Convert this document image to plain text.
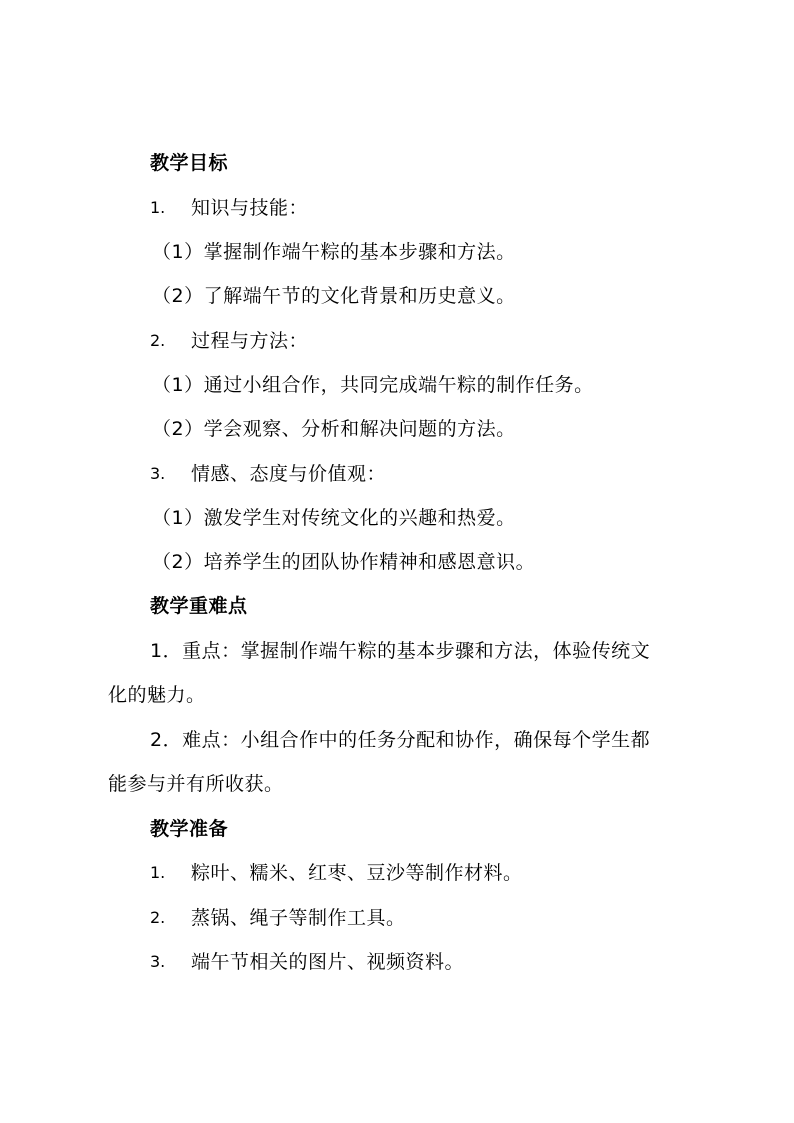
教学目标
1. 知识与技能：
（1）掌握制作端午粽的基本步骤和方法。
（2）了解端午节的文化背景和历史意义。
2. 过程与方法：
（1）通过小组合作，共同完成端午粽的制作任务。
（2）学会观察、分析和解决问题的方法。
3. 情感、态度与价值观：
（1）激发学生对传统文化的兴趣和热爱。
（2）培养学生的团队协作精神和感恩意识。
教学重难点
1．重点：掌握制作端午粽的基本步骤和方法，体验传统文
化的魅力。
2．难点：小组合作中的任务分配和协作，确保每个学生都
能参与并有所收获。
教学准备
1. 粽叶、糯米、红枣、豆沙等制作材料。
2. 蒸锅、绳子等制作工具。
3. 端午节相关的图片、视频资料。
